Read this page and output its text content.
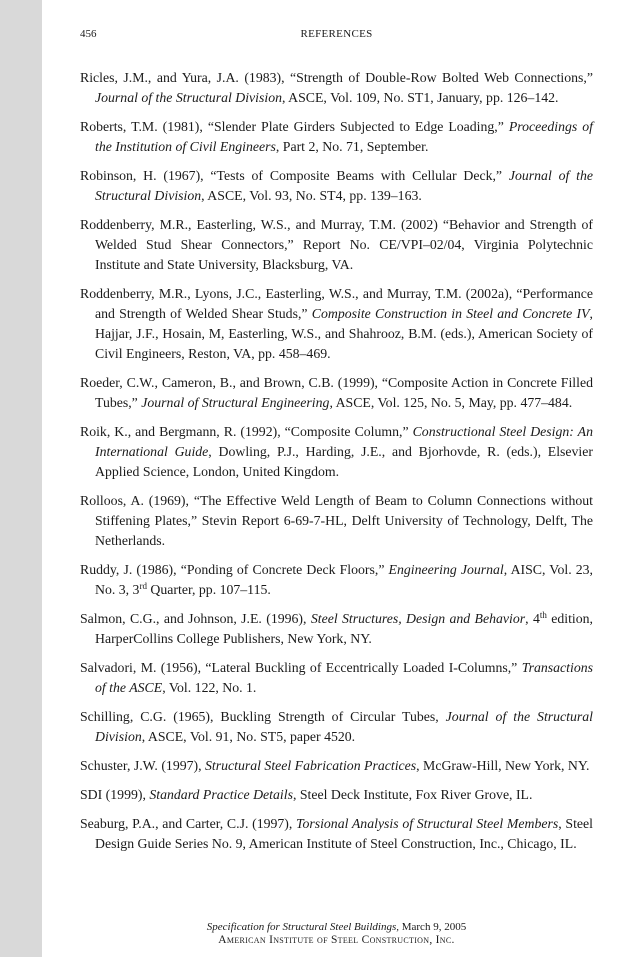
456	REFERENCES
Ricles, J.M., and Yura, J.A. (1983), “Strength of Double-Row Bolted Web Connections,” Journal of the Structural Division, ASCE, Vol. 109, No. ST1, January, pp. 126–142.
Roberts, T.M. (1981), “Slender Plate Girders Subjected to Edge Loading,” Proceedings of the Institution of Civil Engineers, Part 2, No. 71, September.
Robinson, H. (1967), “Tests of Composite Beams with Cellular Deck,” Journal of the Structural Division, ASCE, Vol. 93, No. ST4, pp. 139–163.
Roddenberry, M.R., Easterling, W.S., and Murray, T.M. (2002) “Behavior and Strength of Welded Stud Shear Connectors,” Report No. CE/VPI–02/04, Virginia Polytechnic Institute and State University, Blacksburg, VA.
Roddenberry, M.R., Lyons, J.C., Easterling, W.S., and Murray, T.M. (2002a), “Performance and Strength of Welded Shear Studs,” Composite Construction in Steel and Concrete IV, Hajjar, J.F., Hosain, M, Easterling, W.S., and Shahrooz, B.M. (eds.), American Society of Civil Engineers, Reston, VA, pp. 458–469.
Roeder, C.W., Cameron, B., and Brown, C.B. (1999), “Composite Action in Concrete Filled Tubes,” Journal of Structural Engineering, ASCE, Vol. 125, No. 5, May, pp. 477–484.
Roik, K., and Bergmann, R. (1992), “Composite Column,” Constructional Steel Design: An International Guide, Dowling, P.J., Harding, J.E., and Bjorhovde, R. (eds.), Elsevier Applied Science, London, United Kingdom.
Rolloos, A. (1969), “The Effective Weld Length of Beam to Column Connections without Stiffening Plates,” Stevin Report 6-69-7-HL, Delft University of Technology, Delft, The Netherlands.
Ruddy, J. (1986), “Ponding of Concrete Deck Floors,” Engineering Journal, AISC, Vol. 23, No. 3, 3rd Quarter, pp. 107–115.
Salmon, C.G., and Johnson, J.E. (1996), Steel Structures, Design and Behavior, 4th edition, HarperCollins College Publishers, New York, NY.
Salvadori, M. (1956), “Lateral Buckling of Eccentrically Loaded I-Columns,” Transactions of the ASCE, Vol. 122, No. 1.
Schilling, C.G. (1965), Buckling Strength of Circular Tubes, Journal of the Structural Division, ASCE, Vol. 91, No. ST5, paper 4520.
Schuster, J.W. (1997), Structural Steel Fabrication Practices, McGraw-Hill, New York, NY.
SDI (1999), Standard Practice Details, Steel Deck Institute, Fox River Grove, IL.
Seaburg, P.A., and Carter, C.J. (1997), Torsional Analysis of Structural Steel Members, Steel Design Guide Series No. 9, American Institute of Steel Construction, Inc., Chicago, IL.
Specification for Structural Steel Buildings, March 9, 2005
American Institute of Steel Construction, Inc.
